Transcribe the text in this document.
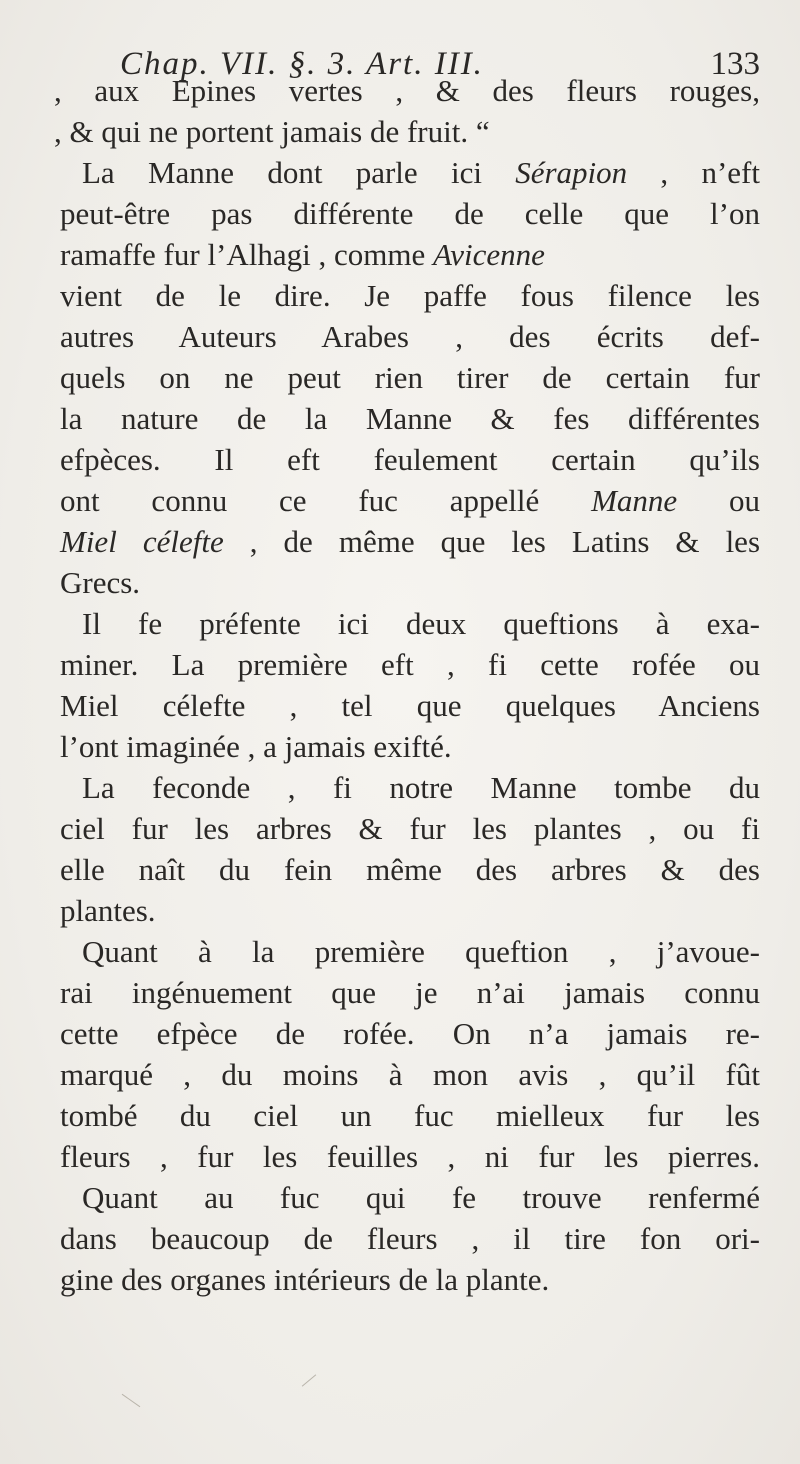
Chap. VII. §. 3. Art. III.	133
, aux Epines vertes , & des fleurs rouges,
, & qui ne portent jamais de fruit. “
La Manne dont parle ici Sérapion , n’eft
peut-être pas différente de celle que l’on
ramaffe fur l’Alhagi , comme Avicenne
vient de le dire. Je paffe fous filence les
autres Auteurs Arabes , des écrits def-
quels on ne peut rien tirer de certain fur
la nature de la Manne & fes différentes
efpèces. Il eft feulement certain qu’ils
ont connu ce fuc appellé Manne ou
Miel célefte , de même que les Latins & les
Grecs.
Il fe préfente ici deux queftions à exa-
miner. La première eft , fi cette rofée ou
Miel célefte , tel que quelques Anciens
l’ont imaginée , a jamais exifté.
La feconde , fi notre Manne tombe du
ciel fur les arbres & fur les plantes , ou fi
elle naît du fein même des arbres & des
plantes.
Quant à la première queftion , j’avoue-
rai ingénuement que je n’ai jamais connu
cette efpèce de rofée. On n’a jamais re-
marqué , du moins à mon avis , qu’il fût
tombé du ciel un fuc mielleux fur les
fleurs , fur les feuilles , ni fur les pierres.
Quant au fuc qui fe trouve renfermé
dans beaucoup de fleurs , il tire fon ori-
gine des organes intérieurs de la plante.
